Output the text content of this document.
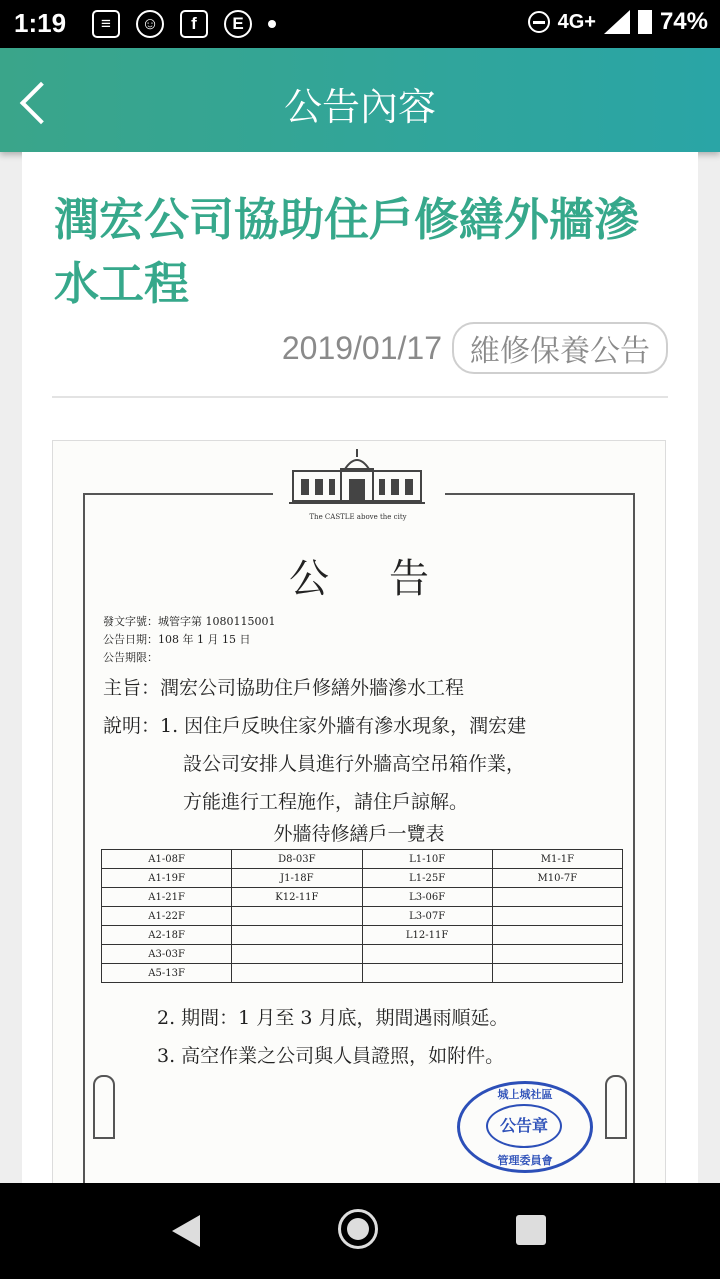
1:19	≡	☺	f	E	4G+	74%
公告內容
潤宏公司協助住戶修繕外牆滲水工程
2019/01/17 維修保養公告
The CASTLE above the city
公告
發文字號：城管字第 1080115001
公告日期：108 年 1 月 15 日
公告期限：
主旨：潤宏公司協助住戶修繕外牆滲水工程
說明：1. 因住戶反映住家外牆有滲水現象，潤宏建
設公司安排人員進行外牆高空吊箱作業，
方能進行工程施作，請住戶諒解。
外牆待修繕戶一覽表
A1-08F	D8-03F	L1-10F	M1-1F
A1-19F	J1-18F	L1-25F	M10-7F
A1-21F	K12-11F	L3-06F	
A1-22F		L3-07F	
A2-18F		L12-11F	
A3-03F			
A5-13F			
2. 期間：1 月至 3 月底，期間遇雨順延。
3. 高空作業之公司與人員證照，如附件。
城上城社區
公告章
管理委員會
